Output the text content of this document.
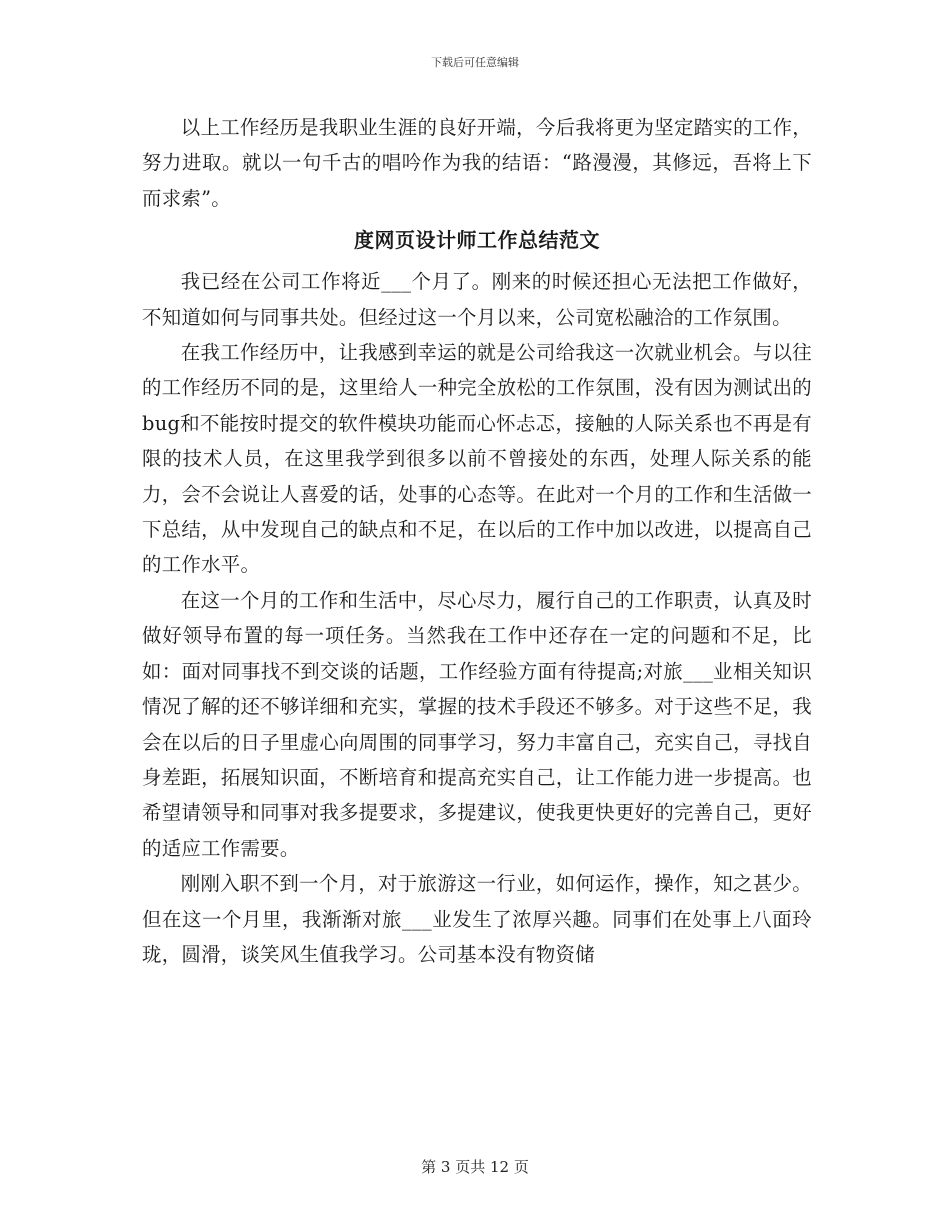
下载后可任意编辑

以上工作经历是我职业生涯的良好开端，今后我将更为坚定踏实的工作，努力进取。就以一句千古的唱吟作为我的结语：“路漫漫，其修远，吾将上下而求索”。

度网页设计师工作总结范文

我已经在公司工作将近___个月了。刚来的时候还担心无法把工作做好，不知道如何与同事共处。但经过这一个月以来，公司宽松融洽的工作氛围。

在我工作经历中，让我感到幸运的就是公司给我这一次就业机会。与以往的工作经历不同的是，这里给人一种完全放松的工作氛围，没有因为测试出的bug和不能按时提交的软件模块功能而心怀忐忑，接触的人际关系也不再是有限的技术人员，在这里我学到很多以前不曾接处的东西，处理人际关系的能力，会不会说让人喜爱的话，处事的心态等。在此对一个月的工作和生活做一下总结，从中发现自己的缺点和不足，在以后的工作中加以改进，以提高自己的工作水平。

在这一个月的工作和生活中，尽心尽力，履行自己的工作职责，认真及时做好领导布置的每一项任务。当然我在工作中还存在一定的问题和不足，比如：面对同事找不到交谈的话题，工作经验方面有待提高;对旅___业相关知识情况了解的还不够详细和充实，掌握的技术手段还不够多。对于这些不足，我会在以后的日子里虚心向周围的同事学习，努力丰富自己，充实自己，寻找自身差距，拓展知识面，不断培育和提高充实自己，让工作能力进一步提高。也希望请领导和同事对我多提要求，多提建议，使我更快更好的完善自己，更好的适应工作需要。

刚刚入职不到一个月，对于旅游这一行业，如何运作，操作，知之甚少。但在这一个月里，我渐渐对旅___业发生了浓厚兴趣。同事们在处事上八面玲珑，圆滑，谈笑风生值我学习。公司基本没有物资储

第 3 页共 12 页
